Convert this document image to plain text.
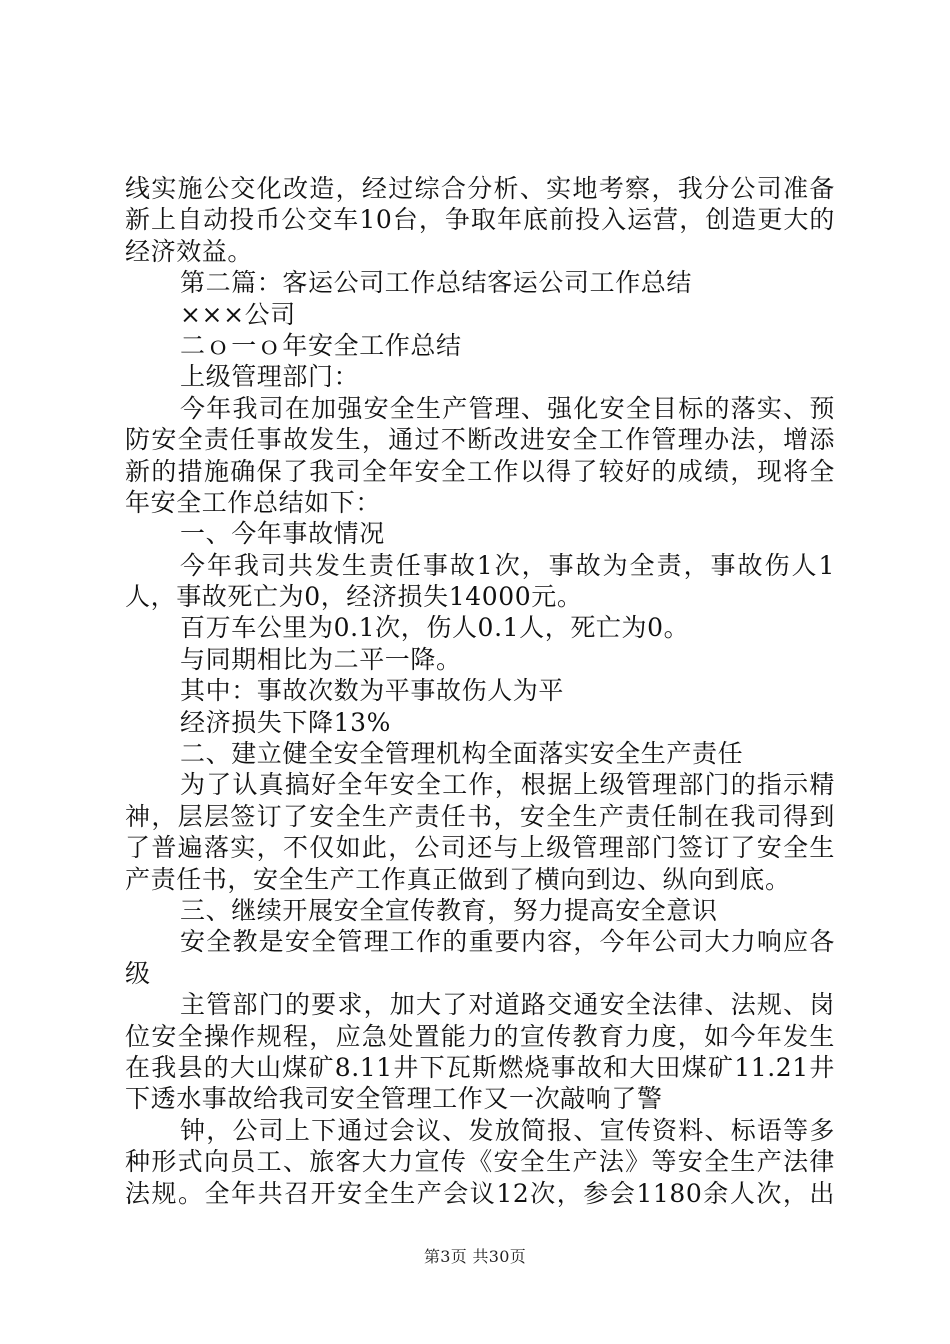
线实施公交化改造，经过综合分析、实地考察，我分公司准备
新上自动投币公交车10台，争取年底前投入运营，创造更大的
经济效益。
第二篇：客运公司工作总结客运公司工作总结
×××公司
二ｏ一ｏ年安全工作总结
上级管理部门：
今年我司在加强安全生产管理、强化安全目标的落实、预
防安全责任事故发生，通过不断改进安全工作管理办法，增添
新的措施确保了我司全年安全工作以得了较好的成绩，现将全
年安全工作总结如下：
一、今年事故情况
今年我司共发生责任事故1次，事故为全责，事故伤人1
人，事故死亡为0，经济损失14000元。
百万车公里为0.1次，伤人0.1人，死亡为0。
与同期相比为二平一降。
其中：事故次数为平事故伤人为平
经济损失下降13%
二、建立健全安全管理机构全面落实安全生产责任
为了认真搞好全年安全工作，根据上级管理部门的指示精
神，层层签订了安全生产责任书，安全生产责任制在我司得到
了普遍落实，不仅如此，公司还与上级管理部门签订了安全生
产责任书，安全生产工作真正做到了横向到边、纵向到底。
三、继续开展安全宣传教育，努力提高安全意识
安全教是安全管理工作的重要内容，今年公司大力响应各
级
主管部门的要求，加大了对道路交通安全法律、法规、岗
位安全操作规程，应急处置能力的宣传教育力度，如今年发生
在我县的大山煤矿8.11井下瓦斯燃烧事故和大田煤矿11.21井
下透水事故给我司安全管理工作又一次敲响了警
钟，公司上下通过会议、发放简报、宣传资料、标语等多
种形式向员工、旅客大力宣传《安全生产法》等安全生产法律
法规。全年共召开安全生产会议12次，参会1180余人次，出
第3页 共30页
